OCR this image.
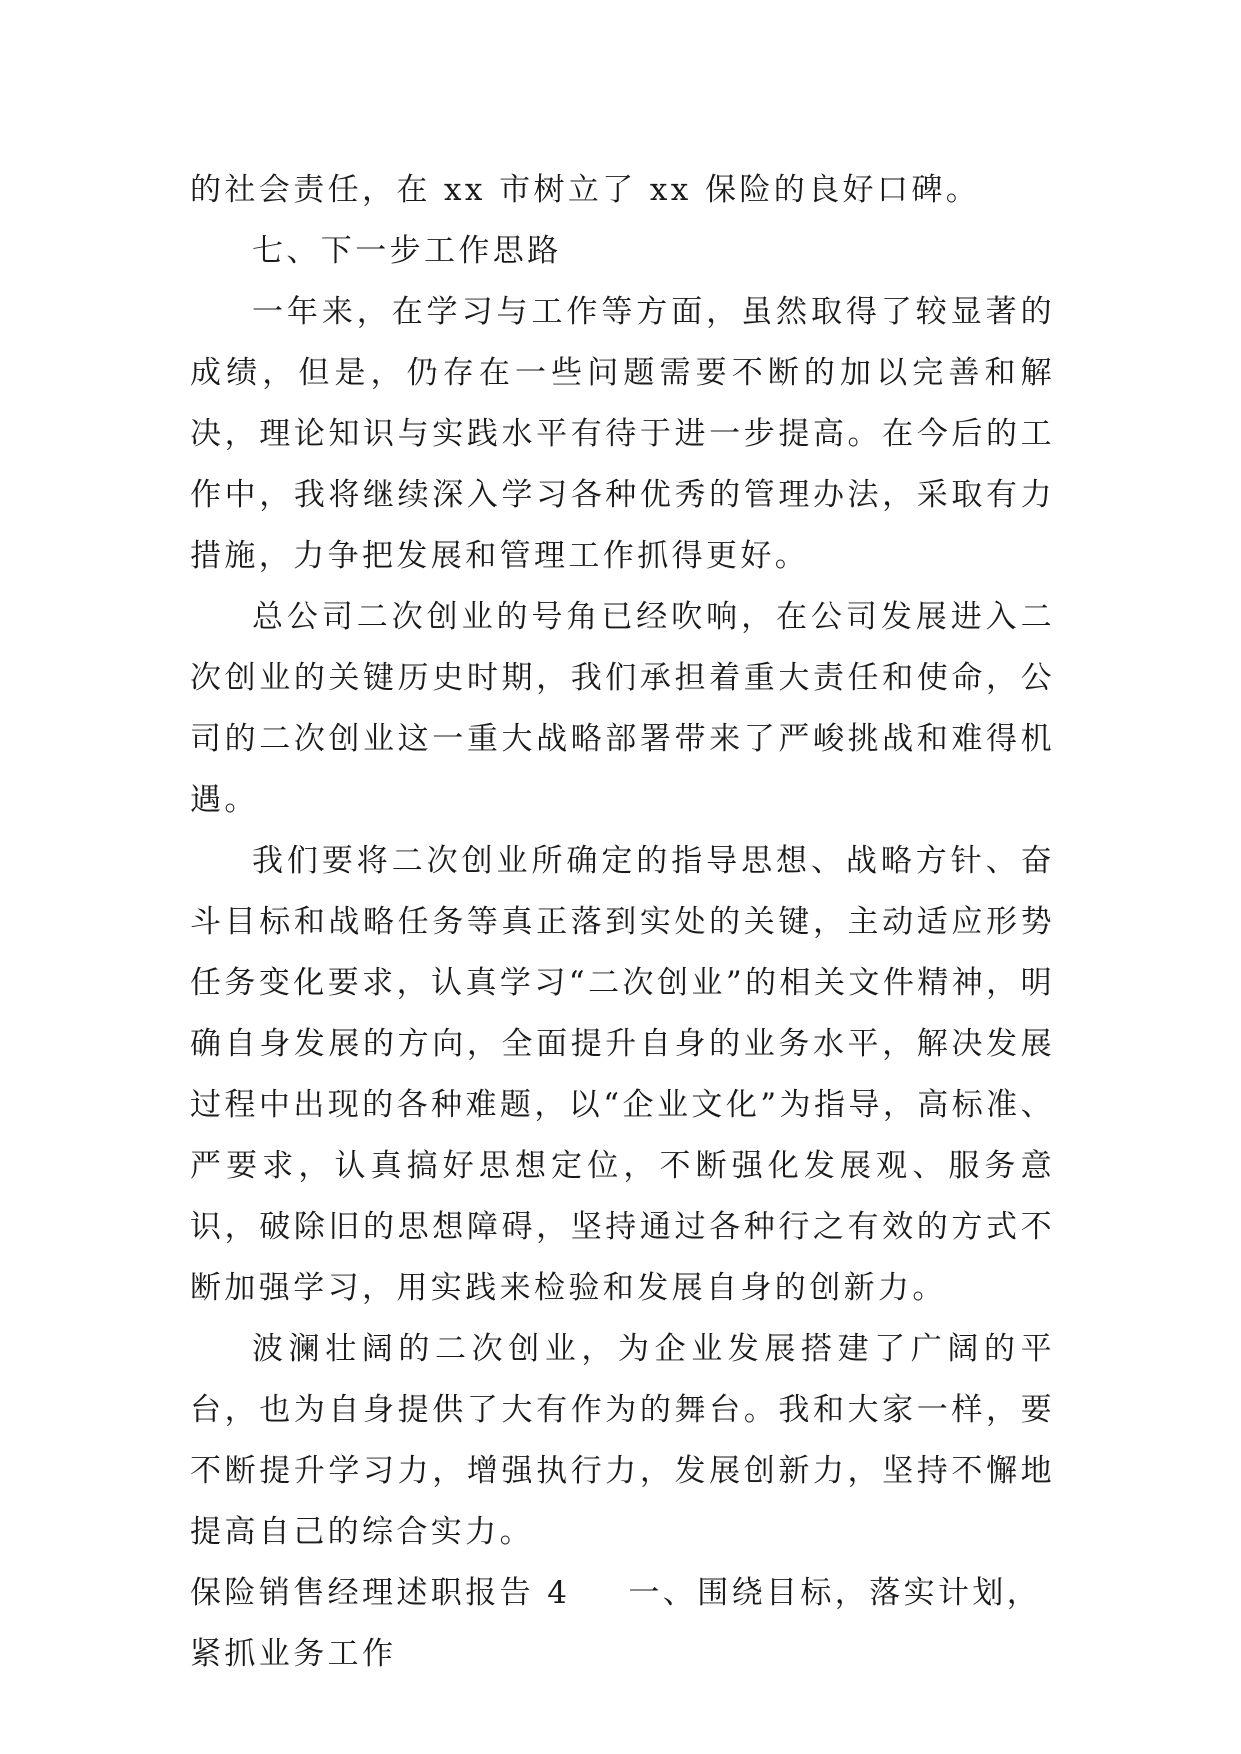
的社会责任，在 xx 市树立了 xx 保险的良好口碑。

七、下一步工作思路

一年来，在学习与工作等方面，虽然取得了较显著的成绩，但是，仍存在一些问题需要不断的加以完善和解决，理论知识与实践水平有待于进一步提高。在今后的工作中，我将继续深入学习各种优秀的管理办法，采取有力措施，力争把发展和管理工作抓得更好。

总公司二次创业的号角已经吹响，在公司发展进入二次创业的关键历史时期，我们承担着重大责任和使命，公司的二次创业这一重大战略部署带来了严峻挑战和难得机遇。

我们要将二次创业所确定的指导思想、战略方针、奋斗目标和战略任务等真正落到实处的关键，主动适应形势任务变化要求，认真学习“二次创业”的相关文件精神，明确自身发展的方向，全面提升自身的业务水平，解决发展过程中出现的各种难题，以“企业文化”为指导，高标准、严要求，认真搞好思想定位，不断强化发展观、服务意识，破除旧的思想障碍，坚持通过各种行之有效的方式不断加强学习，用实践来检验和发展自身的创新力。

波澜壮阔的二次创业，为企业发展搭建了广阔的平台，也为自身提供了大有作为的舞台。我和大家一样，要不断提升学习力，增强执行力，发展创新力，坚持不懈地提高自己的综合实力。

保险销售经理述职报告 4 一、围绕目标，落实计划，紧抓业务工作
